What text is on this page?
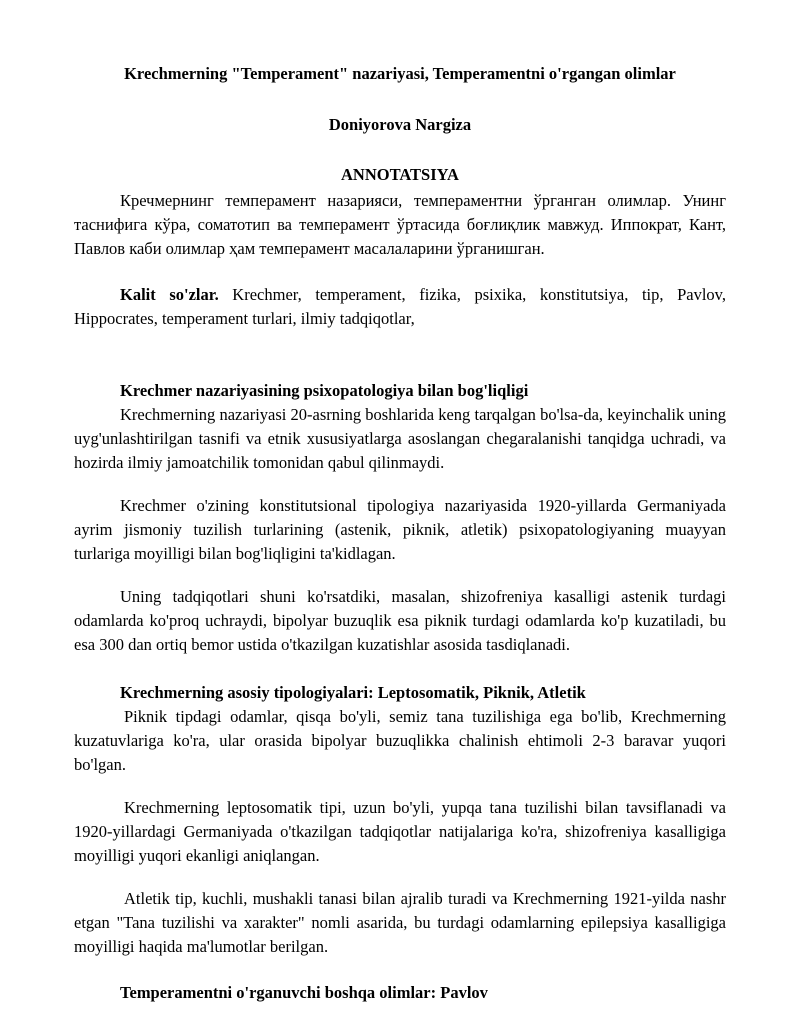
Krechmerning "Temperament" nazariyasi, Temperamentni o'rgangan olimlar
Doniyorova Nargiza
ANNOTATSIYA

Кречмернинг темперамент назарияси, темпераментни ўрганган олимлар. Унинг таснифига кўра, соматотип ва темперамент ўртасида боғлиқлик мавжуд. Иппократ, Кант, Павлов каби олимлар ҳам темперамент масалаларини ўрганишган.

Kalit so'zlar. Krechmer, temperament, fizika, psixika, konstitutsiya, tip, Pavlov, Hippocrates, temperament turlari, ilmiy tadqiqotlar,

Krechmer nazariyasining psixopatologiya bilan bog'liqligi

Krechmerning nazariyasi 20-asrning boshlarida keng tarqalgan bo'lsa-da, keyinchalik uning uyg'unlashtirilgan tasnifi va etnik xususiyatlarga asoslangan chegaralanishi tanqidga uchradi, va hozirda ilmiy jamoatchilik tomonidan qabul qilinmaydi.

Krechmer o'zining konstitutsional tipologiya nazariyasida 1920-yillarda Germaniyada ayrim jismoniy tuzilish turlarining (astenik, piknik, atletik) psixopatologiyaning muayyan turlariga moyilligi bilan bog'liqligini ta'kidlagan.

Uning tadqiqotlari shuni ko'rsatdiki, masalan, shizofreniya kasalligi astenik turdagi odamlarda ko'proq uchraydi, bipolyar buzuqlik esa piknik turdagi odamlarda ko'p kuzatiladi, bu esa 300 dan ortiq bemor ustida o'tkazilgan kuzatishlar asosida tasdiqlanadi.

Krechmerning asosiy tipologiyalari: Leptosomatik, Piknik, Atletik

Piknik tipdagi odamlar, qisqa bo'yli, semiz tana tuzilishiga ega bo'lib, Krechmerning kuzatuvlariga ko'ra, ular orasida bipolyar buzuqlikka chalinish ehtimoli 2-3 baravar yuqori bo'lgan.

Krechmerning leptosomatik tipi, uzun bo'yli, yupqa tana tuzilishi bilan tavsiflanadi va 1920-yillardagi Germaniyada o'tkazilgan tadqiqotlar natijalariga ko'ra, shizofreniya kasalligiga moyilligi yuqori ekanligi aniqlangan.

Atletik tip, kuchli, mushakli tanasi bilan ajralib turadi va Krechmerning 1921-yilda nashr etgan "Tana tuzilishi va xarakter" nomli asarida, bu turdagi odamlarning epilepsiya kasalligiga moyilligi haqida ma'lumotlar berilgan.

Temperamentni o'rganuvchi boshqa olimlar: Pavlov
